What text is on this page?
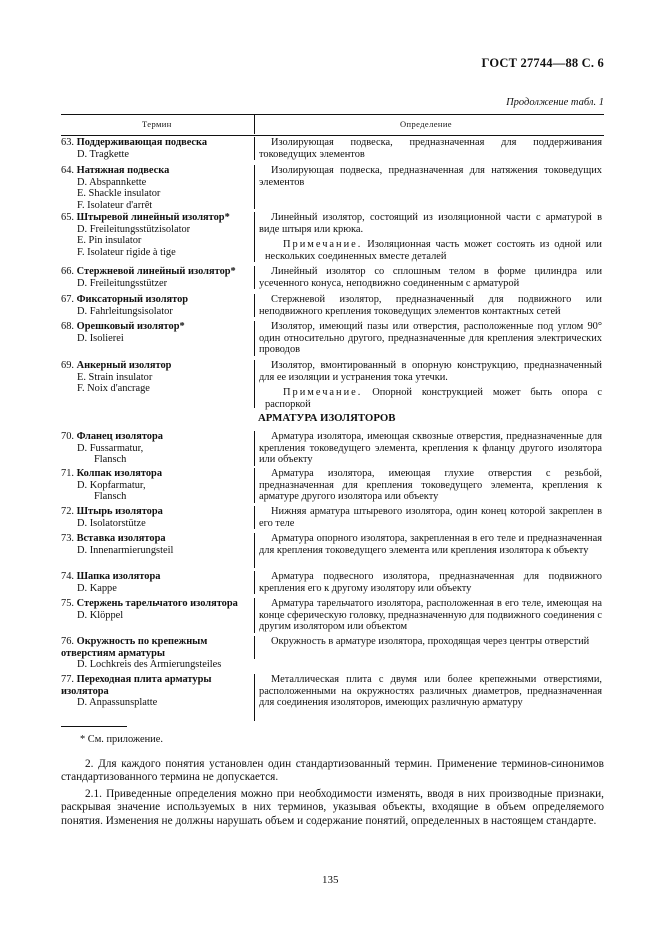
ГОСТ 27744—88 С. 6
Продолжение табл. 1
Термин	Определение
63. Поддерживающая подвеска
D. Tragkette

Изолирующая подвеска, предназначенная для поддерживания токоведущих элементов

64. Натяжная подвеска
D. Abspannkette
E. Shackle insulator
F. Isolateur d'arrêt

Изолирующая подвеска, предназначенная для натяжения токоведущих элементов

65. Штыревой линейный изолятор*
D. Freileitungsstützisolator
E. Pin insulator
F. Isolateur rigide à tige

Линейный изолятор, состоящий из изоляционной части с арматурой в виде штыря или крюка.

Примечание. Изоляционная часть может состоять из одной или нескольких соединенных вместе деталей

66. Стержневой линейный изолятор*
D. Freileitungsstützer

Линейный изолятор со сплошным телом в форме цилиндра или усеченного конуса, неподвижно соединенным с арматурой

67. Фиксаторный изолятор
D. Fahrleitungsisolator

Стержневой изолятор, предназначенный для подвижного или неподвижного крепления токоведущих элементов контактных сетей

68. Орешковый изолятор*
D. Isolierei

Изолятор, имеющий пазы или отверстия, расположенные под углом 90° один относительно другого, предназначенные для крепления электрических проводов

69. Анкерный изолятор
E. Strain insulator
F. Noix d'ancrage

Изолятор, вмонтированный в опорную конструкцию, предназначенный для ее изоляции и устранения тока утечки.

Примечание. Опорной конструкцией может быть опора с распоркой

70. Фланец изолятора
D. Fussarmatur,
Flansch

Арматура изолятора, имеющая сквозные отверстия, предназначенные для крепления токоведущего элемента, крепления к фланцу другого изолятора или объекту

71. Колпак изолятора
D. Kopfarmatur,
Flansch

Арматура изолятора, имеющая глухие отверстия с резьбой, предназначенная для крепления токоведущего элемента, крепления к арматуре другого изолятора или объекту

72. Штырь изолятора
D. Isolatorstütze

Нижняя арматура штыревого изолятора, один конец которой закреплен в его теле

73. Вставка изолятора
D. Innenarmierungsteil

Арматура опорного изолятора, закрепленная в его теле и предназначенная для крепления токоведущего элемента или крепления изолятора к объекту

74. Шапка изолятора
D. Kappe

Арматура подвесного изолятора, предназначенная для подвижного крепления его к другому изолятору или объекту

75. Стержень тарельчатого изолятора
D. Klöppel

Арматура тарельчатого изолятора, расположенная в его теле, имеющая на конце сферическую головку, предназначенную для подвижного соединения с другим изолятором или объектом

76. Окружность по крепежным отверстиям арматуры
D. Lochkreis des Armierungsteiles

Окружность в арматуре изолятора, проходящая через центры отверстий

77. Переходная плита арматуры изолятора
D. Anpassunsplatte

Металлическая плита с двумя или более крепежными отверстиями, расположенными на окружностях различных диаметров, предназначенная для соединения изоляторов, имеющих различную арматуру

АРМАТУРА ИЗОЛЯТОРОВ
* См. приложение.

2. Для каждого понятия установлен один стандартизованный термин. Применение терминов-синонимов стандартизованного термина не допускается.

2.1. Приведенные определения можно при необходимости изменять, вводя в них производные признаки, раскрывая значение используемых в них терминов, указывая объекты, входящие в объем определяемого понятия. Изменения не должны нарушать объем и содержание понятий, определенных в настоящем стандарте.

135
